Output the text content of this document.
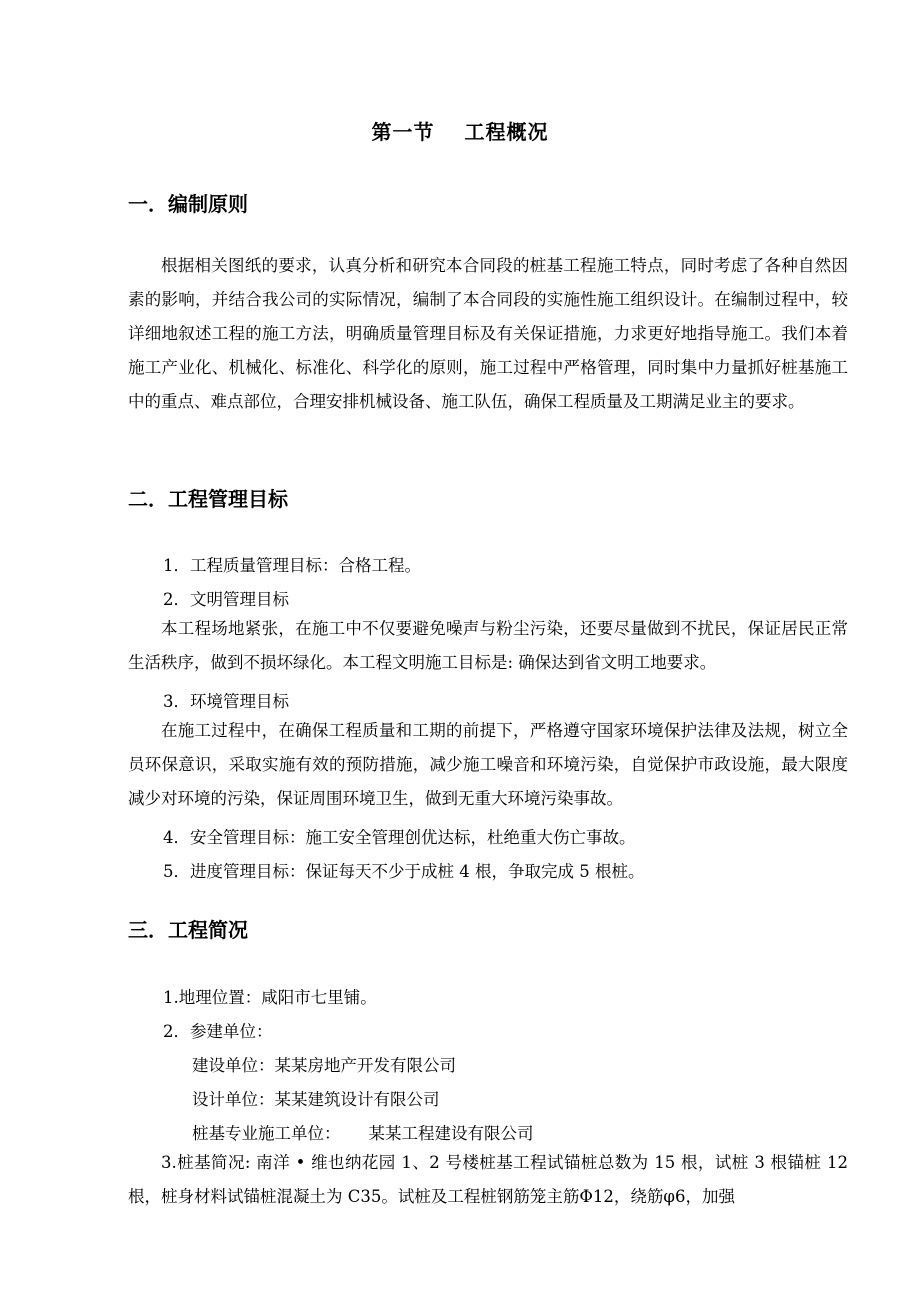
第一节 工程概况
一．编制原则
根据相关图纸的要求，认真分析和研究本合同段的桩基工程施工特点，同时考虑了各种自然因素的影响，并结合我公司的实际情况，编制了本合同段的实施性施工组织设计。在编制过程中，较详细地叙述工程的施工方法，明确质量管理目标及有关保证措施，力求更好地指导施工。我们本着施工产业化、机械化、标准化、科学化的原则，施工过程中严格管理，同时集中力量抓好桩基施工中的重点、难点部位，合理安排机械设备、施工队伍，确保工程质量及工期满足业主的要求。
二．工程管理目标
1．工程质量管理目标：合格工程。
2．文明管理目标
本工程场地紧张，在施工中不仅要避免噪声与粉尘污染，还要尽量做到不扰民，保证居民正常生活秩序，做到不损坏绿化。本工程文明施工目标是: 确保达到省文明工地要求。
3．环境管理目标
在施工过程中，在确保工程质量和工期的前提下，严格遵守国家环境保护法律及法规，树立全员环保意识，采取实施有效的预防措施，减少施工噪音和环境污染，自觉保护市政设施，最大限度减少对环境的污染，保证周围环境卫生，做到无重大环境污染事故。
4．安全管理目标：施工安全管理创优达标，杜绝重大伤亡事故。
5．进度管理目标：保证每天不少于成桩 4 根，争取完成 5 根桩。
三．工程简况
1.地理位置：咸阳市七里铺。
2．参建单位：
建设单位：某某房地产开发有限公司
设计单位：某某建筑设计有限公司
桩基专业施工单位： 某某工程建设有限公司
3.桩基简况: 南洋 • 维也纳花园 1、2 号楼桩基工程试锚桩总数为 15 根，试桩 3 根锚桩 12 根，桩身材料试锚桩混凝土为 C35。试桩及工程桩钢筋笼主筋Φ12，绕筋φ6，加强
